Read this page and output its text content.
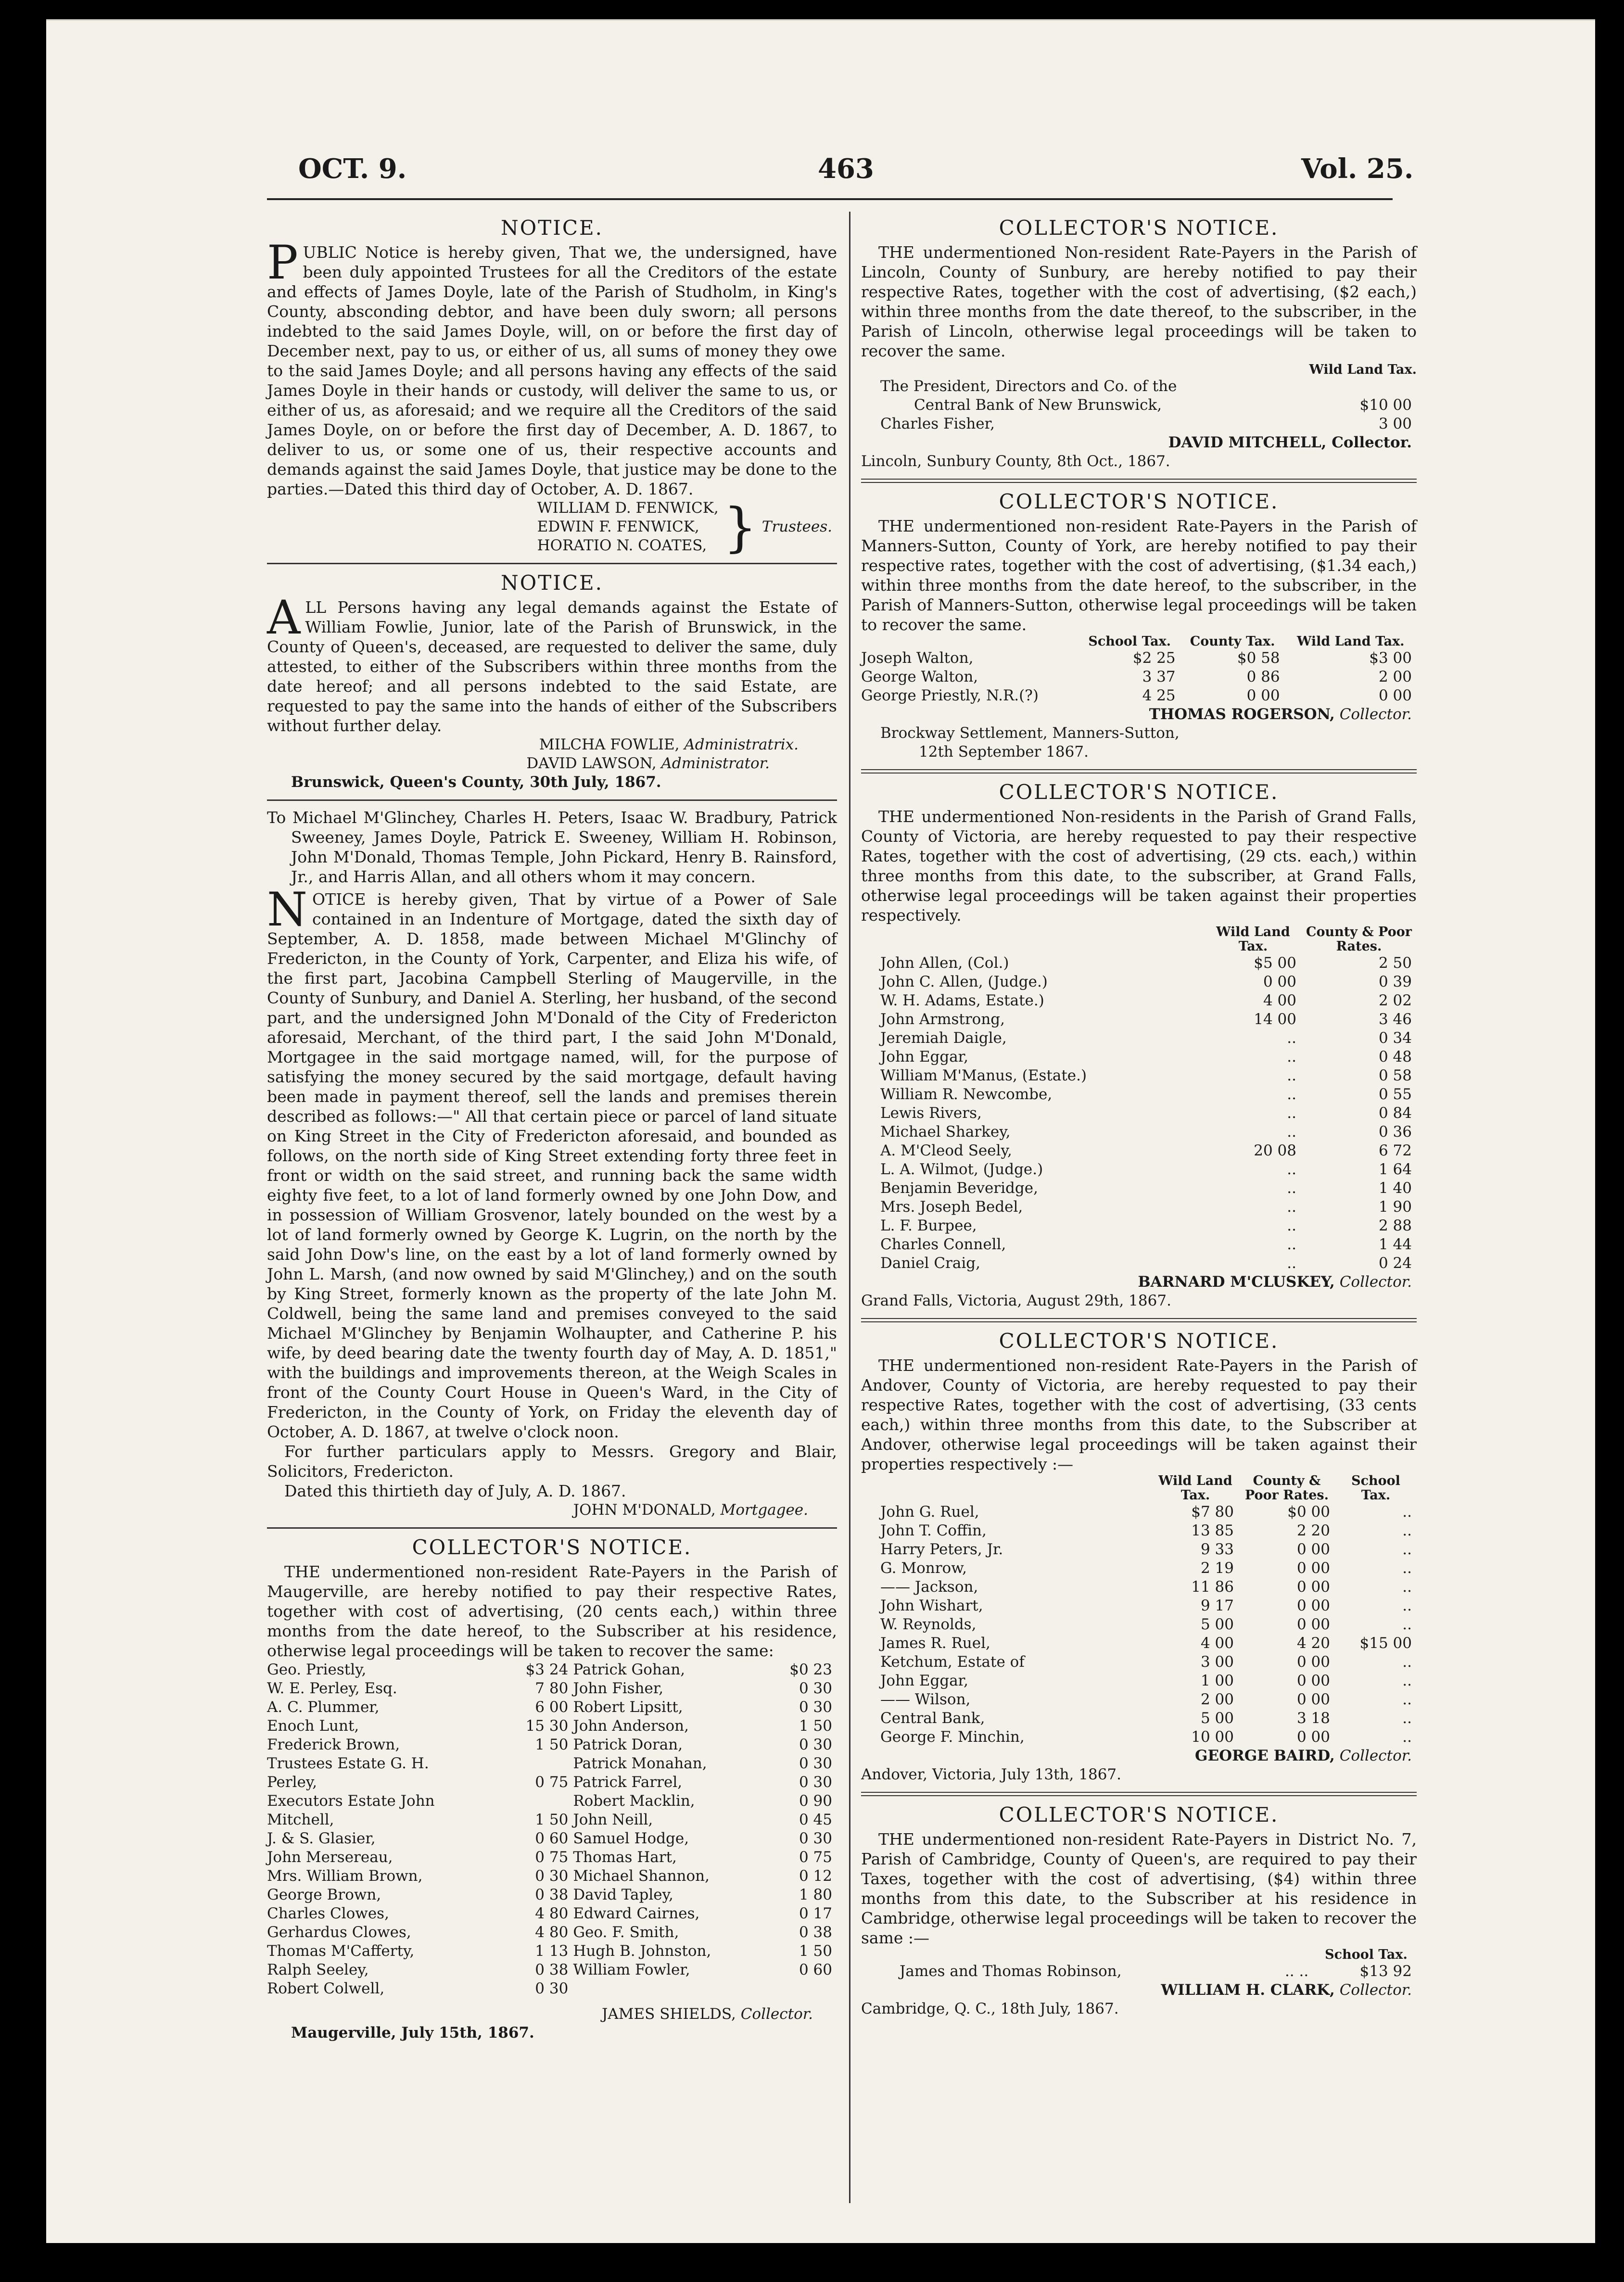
OCT. 9.	463	Vol. 25.
NOTICE.

PUBLIC Notice is hereby given, That we, the undersigned, have been duly appointed Trustees for all the Creditors of the estate and effects of James Doyle, late of the Parish of Studholm, in King's County, absconding debtor, and have been duly sworn; all persons indebted to the said James Doyle, will, on or before the first day of December next, pay to us, or either of us, all sums of money they owe to the said James Doyle; and all persons having any effects of the said James Doyle in their hands or custody, will deliver the same to us, or either of us, as aforesaid; and we require all the Creditors of the said James Doyle, on or before the first day of December, A. D. 1867, to deliver to us, or some one of us, their respective accounts and demands against the said James Doyle, that justice may be done to the parties.—Dated this third day of October, A. D. 1867.

WILLIAM D. FENWICK,
EDWIN F. FENWICK,
HORATIO N. COATES, } Trustees.
NOTICE.

ALL Persons having any legal demands against the Estate of William Fowlie, Junior, late of the Parish of Brunswick, in the County of Queen's, deceased, are requested to deliver the same, duly attested, to either of the Subscribers within three months from the date hereof; and all persons indebted to the said Estate, are requested to pay the same into the hands of either of the Subscribers without further delay.

MILCHA FOWLIE, Administratrix.

DAVID LAWSON, Administrator.

Brunswick, Queen's County, 30th July, 1867.

To Michael M'Glinchey, Charles H. Peters, Isaac W. Bradbury, Patrick Sweeney, James Doyle, Patrick E. Sweeney, William H. Robinson, John M'Donald, Thomas Temple, John Pickard, Henry B. Rainsford, Jr., and Harris Allan, and all others whom it may concern.

NOTICE is hereby given, That by virtue of a Power of Sale contained in an Indenture of Mortgage, dated the sixth day of September, A. D. 1858, made between Michael M'Glinchy of Fredericton, in the County of York, Carpenter, and Eliza his wife, of the first part, Jacobina Campbell Sterling of Maugerville, in the County of Sunbury, and Daniel A. Sterling, her husband, of the second part, and the undersigned John M'Donald of the City of Fredericton aforesaid, Merchant, of the third part, I the said John M'Donald, Mortgagee in the said mortgage named, will, for the purpose of satisfying the money secured by the said mortgage, default having been made in payment thereof, sell the lands and premises therein described as follows:—" All that certain piece or parcel of land situate on King Street in the City of Fredericton aforesaid, and bounded as follows, on the north side of King Street extending forty three feet in front or width on the said street, and running back the same width eighty five feet, to a lot of land formerly owned by one John Dow, and in possession of William Grosvenor, lately bounded on the west by a lot of land formerly owned by George K. Lugrin, on the north by the said John Dow's line, on the east by a lot of land formerly owned by John L. Marsh, (and now owned by said M'Glinchey,) and on the south by King Street, formerly known as the property of the late John M. Coldwell, being the same land and premises conveyed to the said Michael M'Glinchey by Benjamin Wolhaupter, and Catherine P. his wife, by deed bearing date the twenty fourth day of May, A. D. 1851," with the buildings and improvements thereon, at the Weigh Scales in front of the County Court House in Queen's Ward, in the City of Fredericton, in the County of York, on Friday the eleventh day of October, A. D. 1867, at twelve o'clock noon.

For further particulars apply to Messrs. Gregory and Blair, Solicitors, Fredericton.

Dated this thirtieth day of July, A. D. 1867.

JOHN M'DONALD, Mortgagee.

COLLECTOR'S NOTICE.

THE undermentioned non-resident Rate-Payers in the Parish of Maugerville, are hereby notified to pay their respective Rates, together with cost of advertising, (20 cents each,) within three months from the date hereof, to the Subscriber at his residence, otherwise legal proceedings will be taken to recover the same:

Geo. Priestly,	$3 24	Patrick Gohan,	$0 23
W. E. Perley, Esq.	7 80	John Fisher,	0 30
A. C. Plummer,	6 00	Robert Lipsitt,	0 30
Enoch Lunt,	15 30	John Anderson,	1 50
Frederick Brown,	1 50	Patrick Doran,	0 30
Trustees Estate G. H.		Patrick Monahan,	0 30
Perley,	0 75	Patrick Farrel,	0 30
Executors Estate John		Robert Macklin,	0 90
Mitchell,	1 50	John Neill,	0 45
J. & S. Glasier,	0 60	Samuel Hodge,	0 30
John Mersereau,	0 75	Thomas Hart,	0 75
Mrs. William Brown,	0 30	Michael Shannon,	0 12
George Brown,	0 38	David Tapley,	1 80
Charles Clowes,	4 80	Edward Cairnes,	0 17
Gerhardus Clowes,	4 80	Geo. F. Smith,	0 38
Thomas M'Cafferty,	1 13	Hugh B. Johnston,	1 50
Ralph Seeley,	0 38	William Fowler,	0 60
Robert Colwell,	0 30		

JAMES SHIELDS, Collector.

Maugerville, July 15th, 1867.

COLLECTOR'S NOTICE.

THE undermentioned Non-resident Rate-Payers in the Parish of Lincoln, County of Sunbury, are hereby notified to pay their respective Rates, together with the cost of advertising, ($2 each,) within three months from the date thereof, to the subscriber, in the Parish of Lincoln, otherwise legal proceedings will be taken to recover the same.

	Wild Land Tax.
The President, Directors and Co. of the	
Central Bank of New Brunswick,	$10 00
Charles Fisher,	3 00

DAVID MITCHELL, Collector.

Lincoln, Sunbury County, 8th Oct., 1867.

COLLECTOR'S NOTICE.

THE undermentioned non-resident Rate-Payers in the Parish of Manners-Sutton, County of York, are hereby notified to pay their respective rates, together with the cost of advertising, ($1.34 each,) within three months from the date hereof, to the subscriber, in the Parish of Manners-Sutton, otherwise legal proceedings will be taken to recover the same.

	School Tax.	County Tax.	Wild Land Tax.
Joseph Walton,	$2 25	$0 58	$3 00
George Walton,	3 37	0 86	2 00
George Priestly, N.R.(?)	4 25	0 00	0 00

THOMAS ROGERSON, Collector.

Brockway Settlement, Manners-Sutton,

12th September 1867.

COLLECTOR'S NOTICE.

THE undermentioned Non-residents in the Parish of Grand Falls, County of Victoria, are hereby requested to pay their respective Rates, together with the cost of advertising, (29 cts. each,) within three months from this date, to the subscriber, at Grand Falls, otherwise legal proceedings will be taken against their properties respectively.

	Wild Land Tax.	County & Poor Rates.
John Allen, (Col.)	$5 00	2 50
John C. Allen, (Judge.)	0 00	0 39
W. H. Adams, Estate.)	4 00	2 02
John Armstrong,	14 00	3 46
Jeremiah Daigle,	..	0 34
John Eggar,	..	0 48
William M'Manus, (Estate.)	..	0 58
William R. Newcombe,	..	0 55
Lewis Rivers,	..	0 84
Michael Sharkey,	..	0 36
A. M'Cleod Seely,	20 08	6 72
L. A. Wilmot, (Judge.)	..	1 64
Benjamin Beveridge,	..	1 40
Mrs. Joseph Bedel,	..	1 90
L. F. Burpee,	..	2 88
Charles Connell,	..	1 44
Daniel Craig,	..	0 24

BARNARD M'CLUSKEY, Collector.

Grand Falls, Victoria, August 29th, 1867.

COLLECTOR'S NOTICE.

THE undermentioned non-resident Rate-Payers in the Parish of Andover, County of Victoria, are hereby requested to pay their respective Rates, together with the cost of advertising, (33 cents each,) within three months from this date, to the Subscriber at Andover, otherwise legal proceedings will be taken against their properties respectively :—

	Wild Land Tax.	County & Poor Rates.	School Tax.
John G. Ruel,	$7 80	$0 00	..
John T. Coffin,	13 85	2 20	..
Harry Peters, Jr.	9 33	0 00	..
G. Monrow,	2 19	0 00	..
—— Jackson,	11 86	0 00	..
John Wishart,	9 17	0 00	..
W. Reynolds,	5 00	0 00	..
James R. Ruel,	4 00	4 20	$15 00
Ketchum, Estate of	3 00	0 00	..
John Eggar,	1 00	0 00	..
—— Wilson,	2 00	0 00	..
Central Bank,	5 00	3 18	..
George F. Minchin,	10 00	0 00	..

GEORGE BAIRD, Collector.

Andover, Victoria, July 13th, 1867.

COLLECTOR'S NOTICE.

THE undermentioned non-resident Rate-Payers in District No. 7, Parish of Cambridge, County of Queen's, are required to pay their Taxes, together with the cost of advertising, ($4) within three months from this date, to the Subscriber at his residence in Cambridge, otherwise legal proceedings will be taken to recover the same :—

		School Tax.
James and Thomas Robinson,	.. ..	$13 92

WILLIAM H. CLARK, Collector.

Cambridge, Q. C., 18th July, 1867.
